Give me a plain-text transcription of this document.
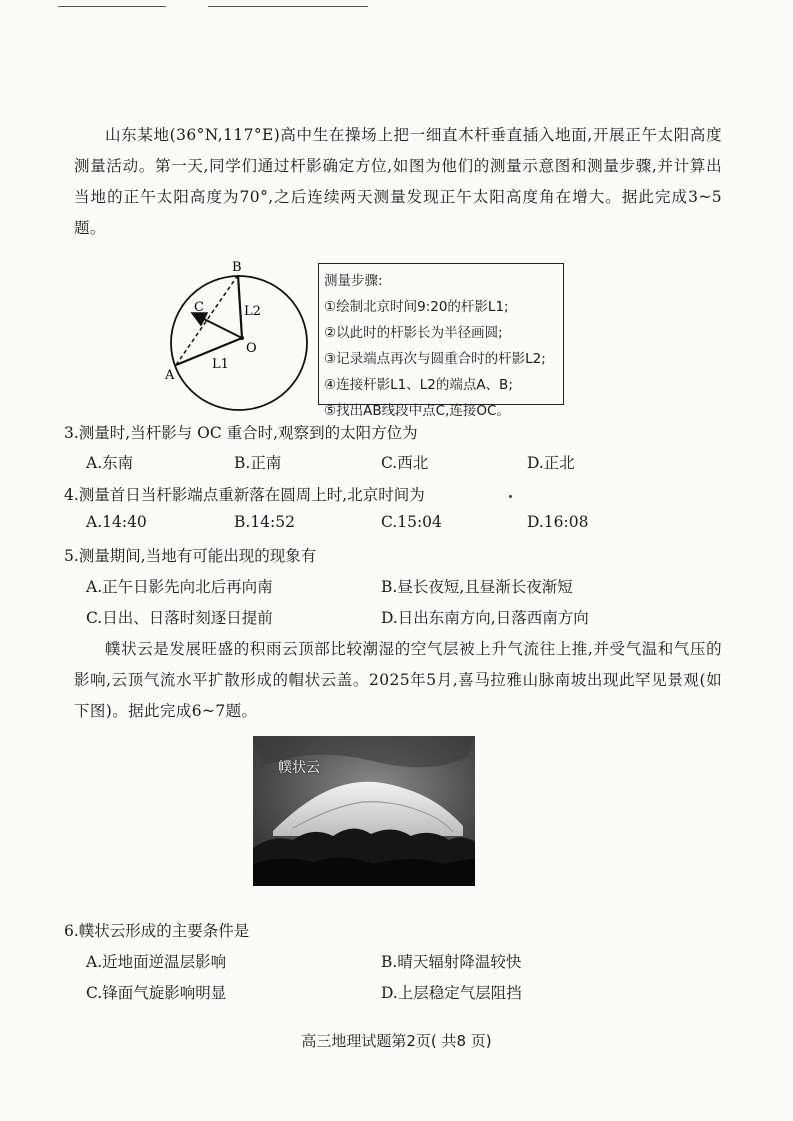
山东某地(36°N,117°E)高中生在操场上把一细直木杆垂直插入地面,开展正午太阳高度测量活动。第一天,同学们通过杆影确定方位,如图为他们的测量示意图和测量步骤,并计算出当地的正午太阳高度为70°,之后连续两天测量发现正午太阳高度角在增大。据此完成3~5题。

B
C	L2
O
L1
A
测量步骤:
①绘制北京时间9:20的杆影L1;
②以此时的杆影长为半径画圆;
③记录端点再次与圆重合时的杆影L2;
④连接杆影L1、L2的端点A、B;
⑤找出AB线段中点C,连接OC。

3.测量时,当杆影与 OC 重合时,观察到的太阳方位为

A.东南	B.正南	C.西北	D.正北

4.测量首日当杆影端点重新落在圆周上时,北京时间为

A.14:40	B.14:52	C.15:04	D.16:08

5.测量期间,当地有可能出现的现象有

A.正午日影先向北后再向南	B.昼长夜短,且昼渐长夜渐短

C.日出、日落时刻逐日提前	D.日出东南方向,日落西南方向

幞状云是发展旺盛的积雨云顶部比较潮湿的空气层被上升气流往上推,并受气温和气压的影响,云顶气流水平扩散形成的帽状云盖。2025年5月,喜马拉雅山脉南坡出现此罕见景观(如下图)。据此完成6~7题。

幞状云

6.幞状云形成的主要条件是

A.近地面逆温层影响	B.晴天辐射降温较快

C.锋面气旋影响明显	D.上层稳定气层阻挡

高三地理试题第2页( 共8 页)
